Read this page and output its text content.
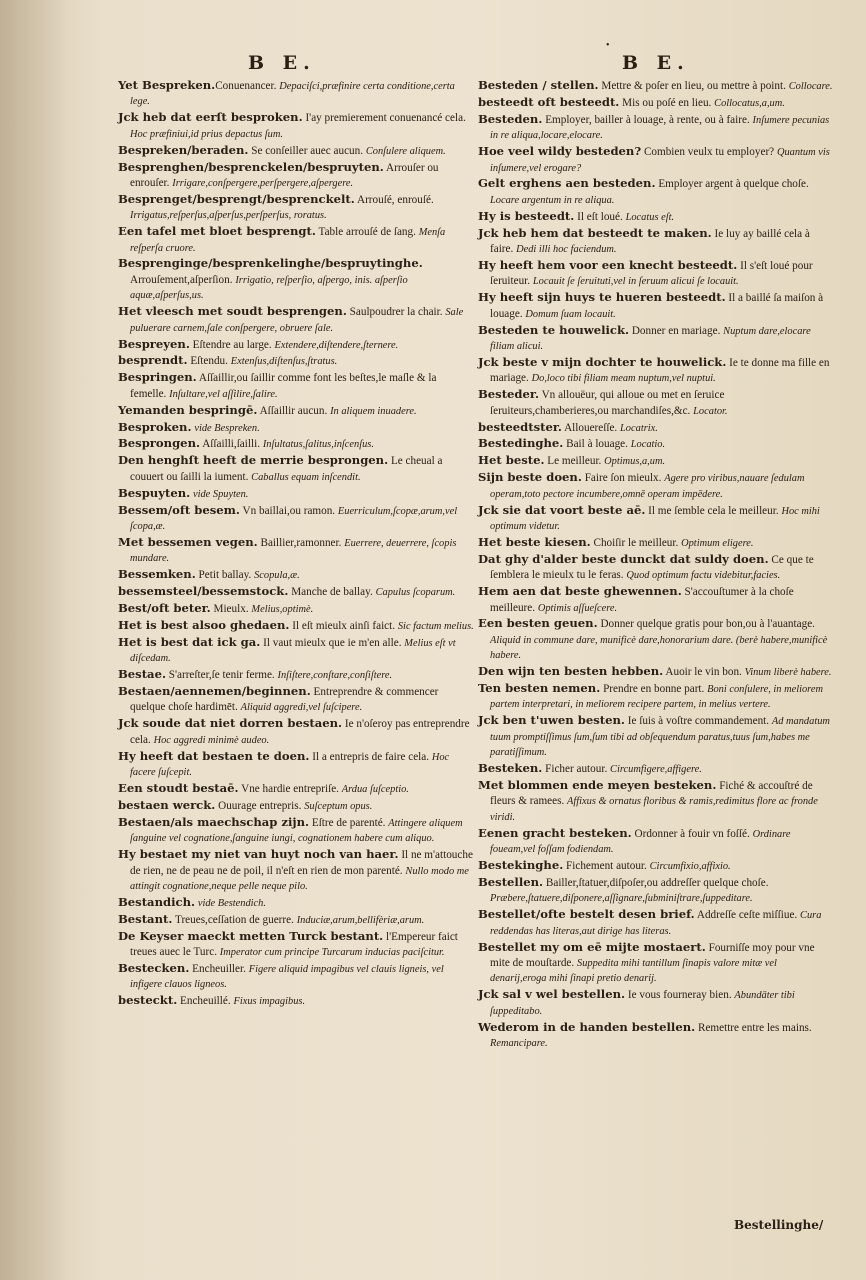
B E.
•
B E.
Yet Bespreken.Conuenancer. Depaciſci,præfinire certa conditione,certa lege.
Jck heb dat eerſt besproken. I'ay premierement conuenancé cela. Hoc præfiniui,id prius depactus ſum.
Bespreken/beraden. Se conſeiller auec aucun. Conſulere aliquem.
Besprenghen/besprenckelen/bespruyten. Arrouſer ou enrouſer. Irrigare,conſpergere,perſpergere,aſpergere.
Besprenget/besprengt/besprenckelt. Arrouſé, enrouſé. Irrigatus,reſperſus,aſperſus,perſperſus, roratus.
Een tafel met bloet besprengt. Table arrouſé de ſang. Menſa reſperſa cruore.
Besprenginge/besprenkelinghe/bespruytinghe. Arrouſement,aſperſion. Irrigatio, reſperſio, aſpergo, inis. aſperſio aquæ,aſperſus,us.
Het vleesch met soudt besprengen. Saulpoudrer la chair. Sale puluerare carnem,ſale conſpergere, obruere ſale.
Bespreyen. Eſtendre au large. Extendere,diſtendere,ſternere.
besprendt. Eſtendu. Extenſus,diſtenſus,ſtratus.
Bespringen. Aſſaillir,ou ſaillir comme font les beſtes,le maſle & la femelle. Inſultare,vel aſſilire,ſalire.
Yemanden bespringē. Aſſaillir aucun. In aliquem inuadere.
Besproken. vide Bespreken.
Besprongen. Aſſailli,ſailli. Inſultatus,ſalitus,inſcenſus.
Den henghſt heeft de merrie besprongen. Le cheual a couuert ou ſailli la iument. Caballus equam inſcendit.
Bespuyten. vide Spuyten.
Bessem/oft besem. Vn baillai,ou ramon. Euerriculum,ſcopæ,arum,vel ſcopa,æ.
Met bessemen vegen. Baillier,ramonner. Euerrere, deuerrere, ſcopis mundare.
Bessemken. Petit ballay. Scopula,æ.
bessemsteel/bessemstock. Manche de ballay. Capulus ſcoparum.
Best/oft beter. Mieulx. Melius,optimè.
Het is best alsoo ghedaen. Il eſt mieulx ainſi faict. Sic factum melius.
Het is best dat ick ga. Il vaut mieulx que ie m'en alle. Melius eſt vt diſcedam.
Bestae. S'arreſter,ſe tenir ferme. Inſiſtere,conſtare,conſiſtere.
Bestaen/aennemen/beginnen. Entreprendre & commencer quelque choſe hardimēt. Aliquid aggredi,vel ſuſcipere.
Jck soude dat niet dorren bestaen. Ie n'oſeroy pas entreprendre cela. Hoc aggredi minimè audeo.
Hy heeft dat bestaen te doen. Il a entrepris de faire cela. Hoc facere ſuſcepit.
Een stoudt bestaē. Vne hardie entrepriſe. Ardua ſuſceptio.
bestaen werck. Ouurage entrepris. Suſceptum opus.
Bestaen/als maechschap zijn. Eſtre de parenté. Attingere aliquem ſanguine vel cognatione,ſanguine iungi, cognationem habere cum aliquo.
Hy bestaet my niet van huyt noch van haer. Il ne m'attouche de rien, ne de peau ne de poil, il n'eſt en rien de mon parenté. Nullo modo me attingit cognatione,neque pelle neque pilo.
Bestandich. vide Bestendich.
Bestant. Treues,ceſſation de guerre. Induciæ,arum,bellifèriæ,arum.
De Keyser maeckt metten Turck bestant. l'Empereur faict treues auec le Turc. Imperator cum principe Turcarum inducias paciſcitur.
Bestecken. Encheuiller. Figere aliquid impagibus vel clauis ligneis, vel infigere clauos ligneos.
besteckt. Encheuillé. Fixus impagibus.
Besteden / stellen. Mettre & poſer en lieu, ou mettre à point. Collocare.
besteedt oft besteedt. Mis ou poſé en lieu. Collocatus,a,um.
Besteden. Employer, bailler à louage, à rente, ou à faire. Inſumere pecunias in re aliqua,locare,elocare.
Hoe veel wildy besteden? Combien veulx tu employer? Quantum vis inſumere,vel erogare?
Gelt erghens aen besteden. Employer argent à quelque choſe. Locare argentum in re aliqua.
Hy is besteedt. Il eſt loué. Locatus eſt.
Jck heb hem dat besteedt te maken. Ie luy ay baillé cela à faire. Dedi illi hoc faciendum.
Hy heeft hem voor een knecht besteedt. Il s'eſt loué pour ſeruiteur. Locauit ſe ſeruituti,vel in ſeruum alicui ſe locauit.
Hy heeft sijn huys te hueren besteedt. Il a baillé ſa maiſon à louage. Domum ſuam locauit.
Besteden te houwelick. Donner en mariage. Nuptum dare,elocare filiam alicui.
Jck beste v mijn dochter te houwelick. Ie te donne ma fille en mariage. Do,loco tibi filiam meam nuptum,vel nuptui.
Besteder. Vn allouëur, qui alloue ou met en ſeruice ſeruiteurs,chamberieres,ou marchandiſes,&c. Locator.
besteedtster. Allouereſſe. Locatrix.
Bestedinghe. Bail à louage. Locatio.
Het beste. Le meilleur. Optimus,a,um.
Sijn beste doen. Faire ſon mieulx. Agere pro viribus,nauare ſedulam operam,toto pectore incumbere,omnē operam impēdere.
Jck sie dat voort beste aē. Il me ſemble cela le meilleur. Hoc mihi optimum videtur.
Het beste kiesen. Choiſir le meilleur. Optimum eligere.
Dat ghy d'alder beste dunckt dat suldy doen. Ce que te ſemblera le mieulx tu le feras. Quod optimum factu videbitur,facies.
Hem aen dat beste ghewennen. S'accouſtumer à la choſe meilleure. Optimis aſſueſcere.
Een besten geuen. Donner quelque gratis pour bon,ou à l'auantage. Aliquid in commune dare, munificè dare,honorarium dare. (berè habere,munificè habere.
Den wijn ten besten hebben. Auoir le vin bon. Vinum liberè habere.
Ten besten nemen. Prendre en bonne part. Boni conſulere, in meliorem partem interpretari, in meliorem recipere partem, in melius vertere.
Jck ben t'uwen besten. Ie ſuis à voſtre commandement. Ad mandatum tuum promptiſſimus ſum,ſum tibi ad obſequendum paratus,tuus ſum,habes me paratiſſimum.
Besteken. Ficher autour. Circumfigere,affigere.
Met blommen ende meyen besteken. Fiché & accouſtré de fleurs & ramees. Affixus & ornatus floribus & ramis,redimitus flore ac fronde viridi.
Eenen gracht besteken. Ordonner à fouir vn foſſé. Ordinare foueam,vel foſſam fodiendam.
Bestekinghe. Fichement autour. Circumfixio,affixio.
Bestellen. Bailler,ſtatuer,diſpoſer,ou addreſſer quelque choſe. Præbere,ſtatuere,diſponere,aſſignare,ſubminiſtrare,ſuppeditare.
Bestellet/ofte bestelt desen brief. Addreſſe ceſte miſſiue. Cura reddendas has literas,aut dirige has literas.
Bestellet my om eē mijte mostaert. Fourniſſe moy pour vne mite de mouſtarde. Suppedita mihi tantillum ſinapis valore mitæ vel denarij,eroga mihi ſinapi pretio denarij.
Jck sal v wel bestellen. Ie vous fourneray bien. Abundāter tibi ſuppeditabo.
Wederom in de handen bestellen. Remettre entre les mains. Remancipare.
Bestellinghe/
